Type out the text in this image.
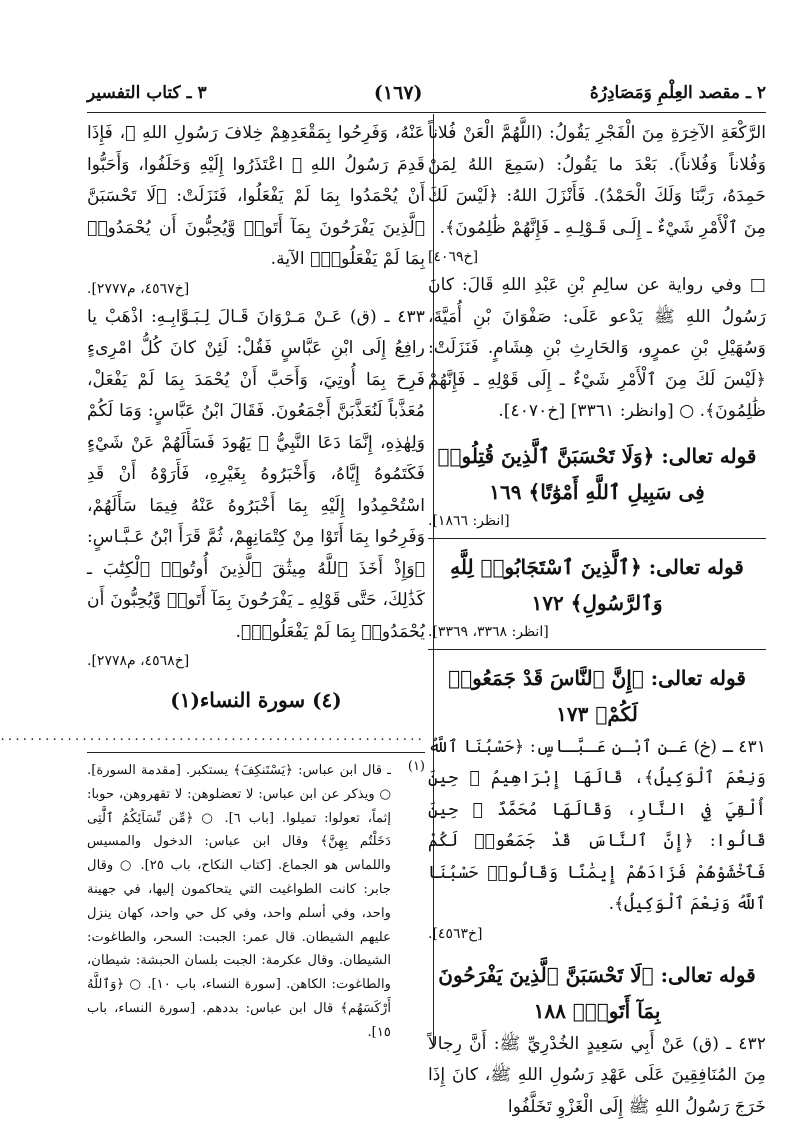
٢ ـ مقصد العِلْمِ وَمَصَادِرُهُ
(١٦٧)
٣ ـ كتاب التفسير

الرَّكْعَةِ الآخِرَةِ مِنَ الْفَجْرِ يَقُولُ: (اللَّهُمَّ الْعَنْ فُلاناً وَفُلاناً وَفُلاناً). بَعْدَ ما يَقُولُ: (سَمِعَ اللهُ لِمَنْ حَمِدَهُ، رَبَّنَا وَلَكَ الْحَمْدُ). فَأَنْزَلَ اللهُ: ﴿لَيْسَ لَكَ مِنَ ٱلْأَمْرِ شَيْءٌ ـ إِلَـى قَـوْلِـهِ ـ فَإِنَّهُمْ ظَٰلِمُونَ﴾.

[خ٤٠٦٩]

□ وفي رواية عن سالِمِ بْنِ عَبْدِ اللهِ قَالَ: كانَ رَسُولُ اللهِ ﷺ يَدْعو عَلَى: صَفْوَانَ بْنِ أُمَيَّةَ، وَسُهَيْلِ بْنِ عمرٍو، وَالحَارِثِ بْنِ هِشَامٍ. فَنَزَلَتْ: ﴿لَيْسَ لَكَ مِنَ ٱلْأَمْرِ شَيْءٌ ـ إِلَى قَوْلِهِ ـ فَإِنَّهُمْ ظَٰلِمُونَ﴾. ○ [وانظر: ٣٣٦١] [خ٤٠٧٠].

قوله تعالى: ﴿وَلَا تَحْسَبَنَّ ٱلَّذِينَ قُتِلُوا۟ فِى سَبِيلِ ٱللَّهِ أَمْوَٰتًا﴾ ١٦٩
[انظر: ١٨٦٦].
قوله تعالى: ﴿ٱلَّذِينَ ٱسْتَجَابُوا۟ لِلَّهِ وَٱلرَّسُولِ﴾ ١٧٢
[انظر: ٣٣٦٨، ٣٣٦٩].
قوله تعالى: ﴿إِنَّ ٱلنَّاسَ قَدْ جَمَعُوا۟ لَكُمْ﴾ ١٧٣

٤٣١ ـ (خ) عَـنِ ٱبْـنِ عَـبَّـاسٍ: ﴿حَسْبُنَا ٱللَّهُ وَنِعْمَ ٱلْوَكِيلُ﴾، قَالَهَا إِبْرَاهِيمُ ﷺ حِينَ أُلْقِيَ فِي النَّارِ، وَقَالَهَا مُحَمَّدٌ ﷺ حِينَ قَالُوا: ﴿إِنَّ ٱلنَّاسَ قَدْ جَمَعُوا۟ لَكُمْ فَٱخْشَوْهُمْ فَزَادَهُمْ إِيمَٰنًا وَقَالُوا۟ حَسْبُنَا ٱللَّهُ وَنِعْمَ ٱلْوَكِيلُ﴾.

[خ٤٥٦٣].
قوله تعالى: ﴿لَا تَحْسَبَنَّ ٱلَّذِينَ يَفْرَحُونَ بِمَآ أَتَوا۟﴾ ١٨٨

٤٣٢ ـ (ق) عَنْ أَبِي سَعِيدٍ الخُدْرِيِّ ﷺ: أَنَّ رِجالاً مِنَ المُنَافِقِينَ عَلَى عَهْدِ رَسُولِ اللهِ ﷺ، كانَ إِذَا خَرَجَ رَسُولُ اللهِ ﷺ إِلَى الْغَزْوِ تَخَلَّفُوا

عَنْهُ، وَفَرِحُوا بِمَقْعَدِهِمْ خِلافَ رَسُولِ اللهِ ﷺ، فَإِذَا قَدِمَ رَسُولُ اللهِ ﷺ اعْتَذَرُوا إِلَيْهِ وَحَلَفُوا، وَأَحَبُّوا أَنْ يُحْمَدُوا بِمَا لَمْ يَفْعَلُوا، فَنَزَلَتْ: ﴿لَا تَحْسَبَنَّ ٱلَّذِينَ يَفْرَحُونَ بِمَآ أَتَوا۟ وَّيُحِبُّونَ أَن يُحْمَدُوا۟ بِمَا لَمْ يَفْعَلُوا۟﴾ الآية.

[خ٤٥٦٧، م٢٧٧٧].

٤٣٣ ـ (ق) عَـنْ مَـرْوَانَ قَـالَ لِـبَـوَّابِـهِ: اذْهَبْ يا رافِعُ إِلَى ابْنِ عَبَّاسٍ فَقُلْ: لَئِنْ كانَ كُلُّ امْرِىءٍ فَرِحَ بِمَا أُوتِيَ، وَأَحَبَّ أَنْ يُحْمَدَ بِمَا لَمْ يَفْعَلْ، مُعَذَّباً لَنُعَذَّبَنَّ أَجْمَعُونَ. فَقَالَ ابْنُ عَبَّاسٍ: وَمَا لَكُمْ وَلِهٰذِهِ، إِنَّمَا دَعَا النَّبِيُّ ﷺ يَهُودَ فَسَأَلَهُمْ عَنْ شَيْءٍ فَكَتَمُوهُ إِيَّاهُ، وَأَخْبَرُوهُ بِغَيْرِهِ، فَأَرَوْهُ أَنْ قَدِ اسْتُحْمِدُوا إِلَيْهِ بِمَا أَخْبَرُوهُ عَنْهُ فِيمَا سَأَلَهُمْ، وَفَرِحُوا بِمَا أَتَوْا مِنْ كِتْمَانِهِمْ، ثُمَّ قَرَأَ ابْنُ عَـبَّـاسٍ: ﴿وَإِذْ أَخَذَ ٱللَّهُ مِيثَٰقَ ٱلَّذِينَ أُوتُوا۟ ٱلْكِتَٰبَ ـ كَذَٰلِكَ، حَتَّى قَوْلِهِ ـ يَفْرَحُونَ بِمَآ أَتَوا۟ وَّيُحِبُّونَ أَن يُحْمَدُوا۟ بِمَا لَمْ يَفْعَلُوا۟﴾.

[خ٤٥٦٨، م٢٧٧٨].
(٤) سورة النساء(١)
.........................................................
(١)

ـ قال ابن عباس: ﴿يَسْتَنكِفَ﴾ يستكبر. [مقدمة السورة]. ○ ويذكر عن ابن عباس: لا تعضلوهن: لا تقهروهن، حوبا: إثماً، تعولوا: تميلوا. [باب ٦]. ○ ﴿مِّن نِّسَآئِكُمُ ٱلَّٰتِى دَخَلْتُم بِهِنَّ﴾ وقال ابن عباس: الدخول والمسيس واللماس هو الجماع. [كتاب النكاح، باب ٢٥]. ○ وقال جابر: كانت الطواغيت التي يتحاكمون إليها، في جهينة واحد، وفي أسلم واحد، وفي كل حي واحد، كهان ينزل عليهم الشيطان. قال عمر: الجبت: السحر، والطاغوت: الشيطان. وقال عكرمة: الجبت بلسان الحبشة: شيطان، والطاغوت: الكاهن. [سورة النساء، باب ١٠]. ○ ﴿وَٱللَّهُ أَرْكَسَهُم﴾ قال ابن عباس: بددهم. [سورة النساء، باب ١٥].
